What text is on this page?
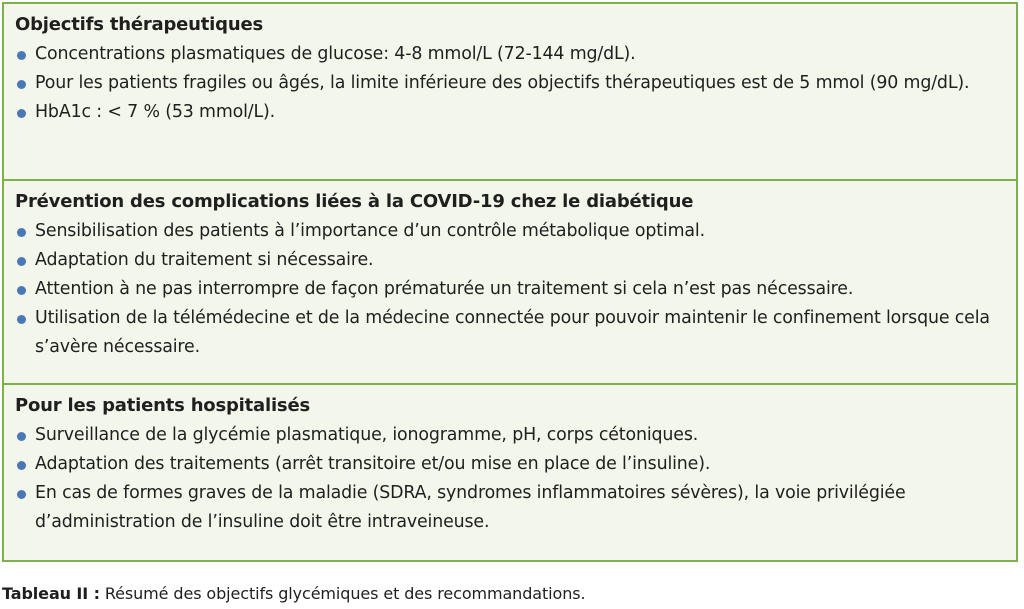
Objectifs thérapeutiques
Concentrations plasmatiques de glucose: 4-8 mmol/L (72-144 mg/dL).
Pour les patients fragiles ou âgés, la limite inférieure des objectifs thérapeutiques est de 5 mmol (90 mg/dL).
HbA1c : < 7 % (53 mmol/L).
Prévention des complications liées à la COVID-19 chez le diabétique
Sensibilisation des patients à l’importance d’un contrôle métabolique optimal.
Adaptation du traitement si nécessaire.
Attention à ne pas interrompre de façon prématurée un traitement si cela n’est pas nécessaire.
Utilisation de la télémédecine et de la médecine connectée pour pouvoir maintenir le confinement lorsque cela s’avère nécessaire.
Pour les patients hospitalisés
Surveillance de la glycémie plasmatique, ionogramme, pH, corps cétoniques.
Adaptation des traitements (arrêt transitoire et/ou mise en place de l’insuline).
En cas de formes graves de la maladie (SDRA, syndromes inflammatoires sévères), la voie privilégiée d’administration de l’insuline doit être intraveineuse.
Tableau II : Résumé des objectifs glycémiques et des recommandations.
